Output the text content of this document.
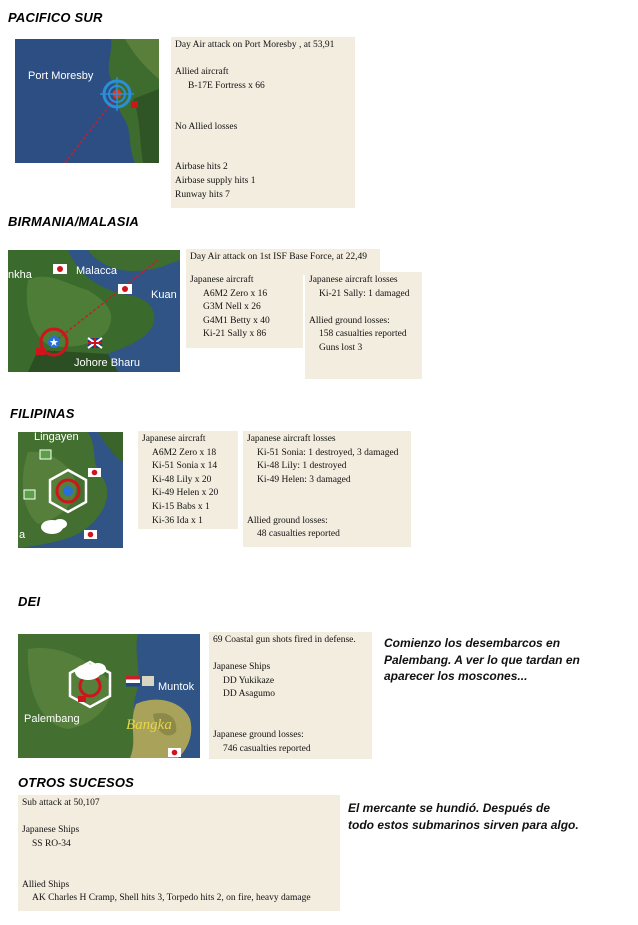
PACIFICO SUR
Port Moresby
Day Air attack on Port Moresby , at 53,91
Allied aircraft
B-17E Fortress x 66
No Allied losses
Airbase hits 2
Airbase supply hits 1
Runway hits 7
BIRMANIA/MALASIA
★
nkha	Malacca
Kuan
Johore Bharu
Day Air attack on 1st ISF Base Force, at 22,49
Japanese aircraft
A6M2 Zero x 16
G3M Nell x 26
G4M1 Betty x 40
Ki-21 Sally x 86
Japanese aircraft losses
Ki-21 Sally: 1 damaged
Allied ground losses:
158 casualties reported
Guns lost 3
FILIPINAS
Lingayen
a
Japanese aircraft
A6M2 Zero x 18
Ki-51 Sonia x 14
Ki-48 Lily x 20
Ki-49 Helen x 20
Ki-15 Babs x 1
Ki-36 Ida x 1
Japanese aircraft losses
Ki-51 Sonia: 1 destroyed, 3 damaged
Ki-48 Lily: 1 destroyed
Ki-49 Helen: 3 damaged
Allied ground losses:
48 casualties reported
DEI
Muntok
Palembang	Bangka
69 Coastal gun shots fired in defense.
Japanese Ships
DD Yukikaze
DD Asagumo
Japanese ground losses:
746 casualties reported
Comienzo los desembarcos en
Palembang. A ver lo que tardan en
aparecer los moscones...
OTROS SUCESOS
Sub attack at 50,107
Japanese Ships
SS RO-34
Allied Ships
AK Charles H Cramp, Shell hits 3, Torpedo hits 2, on fire, heavy damage
El mercante se hundió. Después de
todo estos submarinos sirven para algo.
